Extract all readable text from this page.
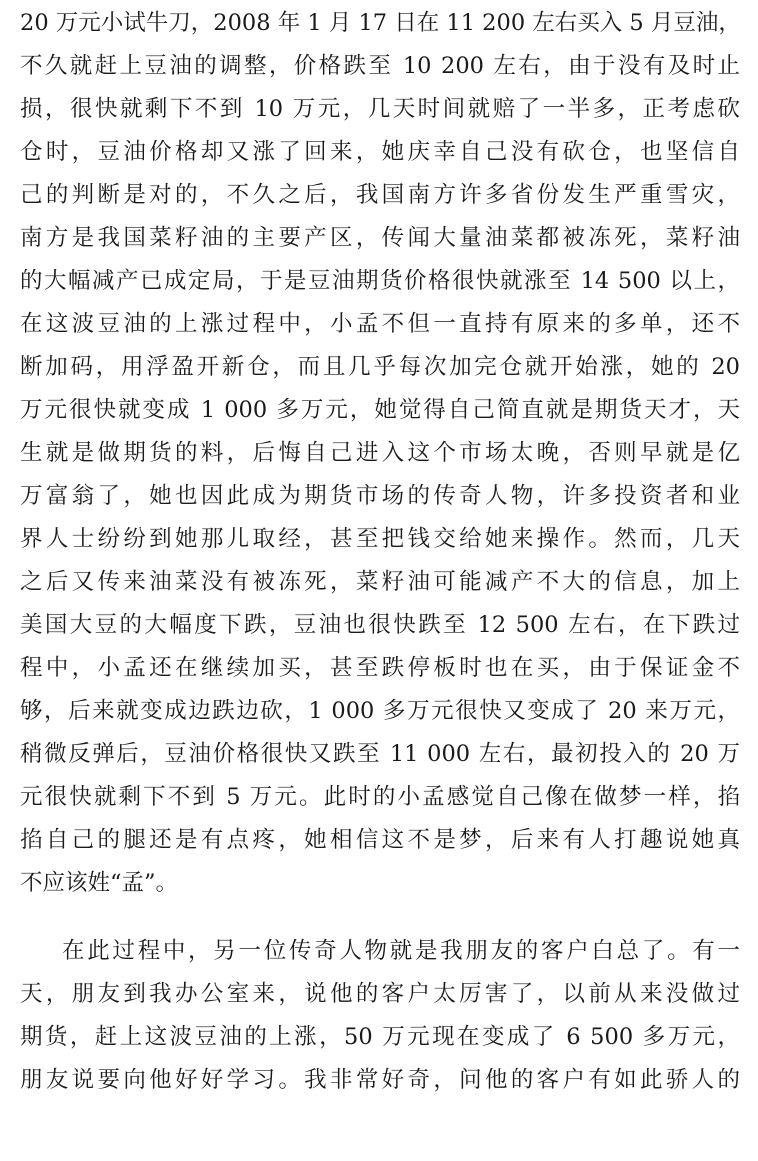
20 万元小试牛刀，2008 年 1 月 17 日在 11 200 左右买入 5 月豆油，
不久就赶上豆油的调整，价格跌至 10 200 左右，由于没有及时止
损，很快就剩下不到 10 万元，几天时间就赔了一半多，正考虑砍
仓时，豆油价格却又涨了回来，她庆幸自己没有砍仓，也坚信自
己的判断是对的，不久之后，我国南方许多省份发生严重雪灾，
南方是我国菜籽油的主要产区，传闻大量油菜都被冻死，菜籽油
的大幅减产已成定局，于是豆油期货价格很快就涨至 14 500 以上，
在这波豆油的上涨过程中，小孟不但一直持有原来的多单，还不
断加码，用浮盈开新仓，而且几乎每次加完仓就开始涨，她的 20
万元很快就变成 1 000 多万元，她觉得自己简直就是期货天才，天
生就是做期货的料，后悔自己进入这个市场太晚，否则早就是亿
万富翁了，她也因此成为期货市场的传奇人物，许多投资者和业
界人士纷纷到她那儿取经，甚至把钱交给她来操作。然而，几天
之后又传来油菜没有被冻死，菜籽油可能减产不大的信息，加上
美国大豆的大幅度下跌，豆油也很快跌至 12 500 左右，在下跌过
程中，小孟还在继续加买，甚至跌停板时也在买，由于保证金不
够，后来就变成边跌边砍，1 000 多万元很快又变成了 20 来万元，
稍微反弹后，豆油价格很快又跌至 11 000 左右，最初投入的 20 万
元很快就剩下不到 5 万元。此时的小孟感觉自己像在做梦一样，掐
掐自己的腿还是有点疼，她相信这不是梦，后来有人打趣说她真
不应该姓“孟”。
在此过程中，另一位传奇人物就是我朋友的客户白总了。有一
天，朋友到我办公室来，说他的客户太厉害了，以前从来没做过
期货，赶上这波豆油的上涨，50 万元现在变成了 6 500 多万元，
朋友说要向他好好学习。我非常好奇，问他的客户有如此骄人的
